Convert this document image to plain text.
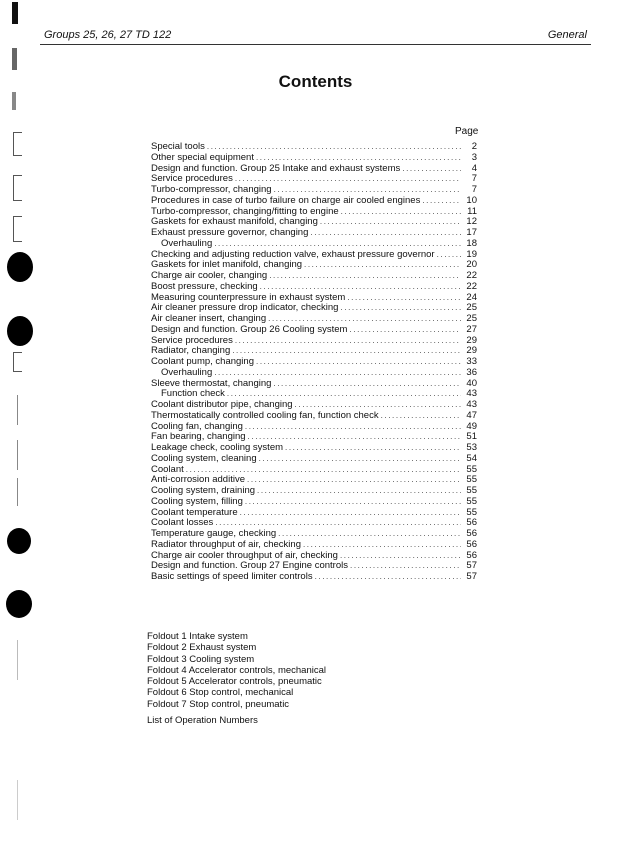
Groups 25, 26, 27 TD 122	General
Contents
Page
Special tools .....	2
Other special equipment .....	3
Design and function. Group 25 Intake and exhaust systems .....	4
Service procedures .....	7
Turbo-compressor, changing .....	7
Procedures in case of turbo failure on charge air cooled engines .....	10
Turbo-compressor, changing/fitting to engine .....	11
Gaskets for exhaust manifold, changing .....	12
Exhaust pressure governor, changing .....	17
Overhauling .....	18
Checking and adjusting reduction valve, exhaust pressure governor .....	19
Gaskets for inlet manifold, changing .....	20
Charge air cooler, changing .....	22
Boost pressure, checking .....	22
Measuring counterpressure in exhaust system .....	24
Air cleaner pressure drop indicator, checking .....	25
Air cleaner insert, changing .....	25
Design and function. Group 26 Cooling system .....	27
Service procedures .....	29
Radiator, changing .....	29
Coolant pump, changing .....	33
Overhauling .....	36
Sleeve thermostat, changing .....	40
Function check .....	43
Coolant distributor pipe, changing .....	43
Thermostatically controlled cooling fan, function check .....	47
Cooling fan, changing .....	49
Fan bearing, changing .....	51
Leakage check, cooling system .....	53
Cooling system, cleaning .....	54
Coolant .....	55
Anti-corrosion additive .....	55
Cooling system, draining .....	55
Cooling system, filling .....	55
Coolant temperature .....	55
Coolant losses .....	56
Temperature gauge, checking .....	56
Radiator throughput of air, checking .....	56
Charge air cooler throughput of air, checking .....	56
Design and function. Group 27 Engine controls .....	57
Basic settings of speed limiter controls .....	57
Foldout 1 Intake system
Foldout 2 Exhaust system
Foldout 3 Cooling system
Foldout 4 Accelerator controls, mechanical
Foldout 5 Accelerator controls, pneumatic
Foldout 6 Stop control, mechanical
Foldout 7 Stop control, pneumatic
List of Operation Numbers
